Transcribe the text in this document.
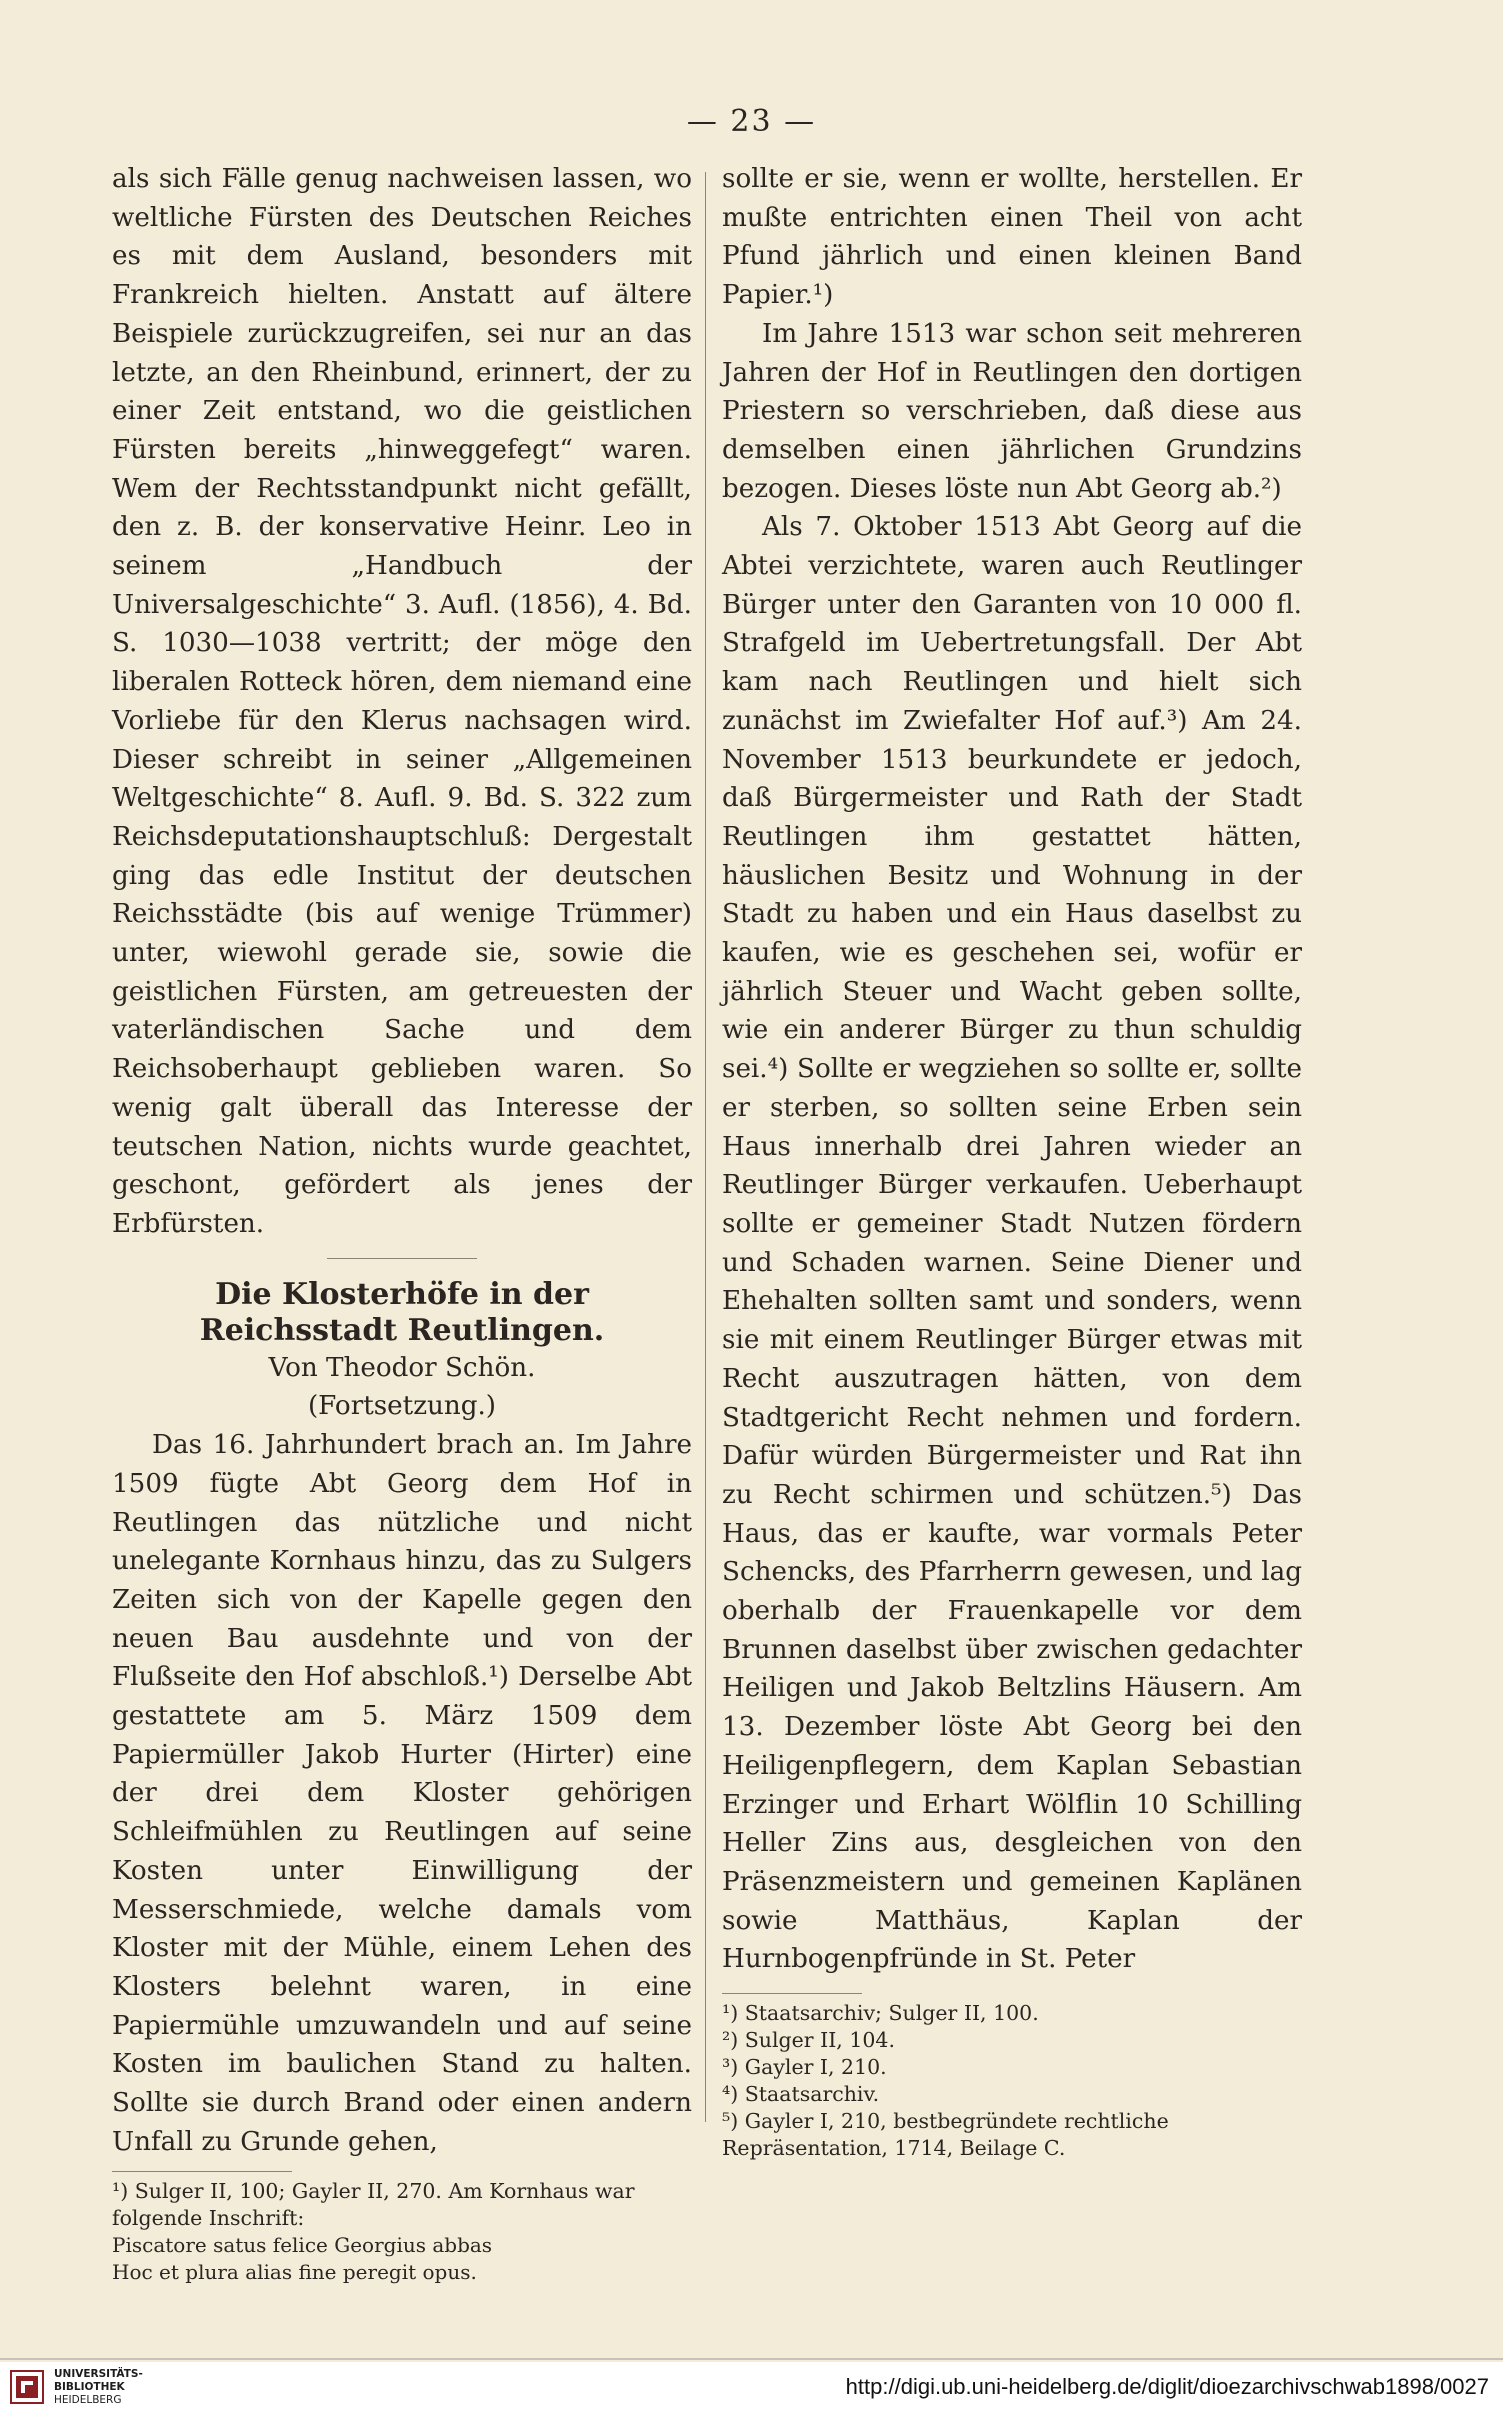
— 23 —

als sich Fälle genug nachweisen lassen, wo weltliche Fürsten des Deutschen Reiches es mit dem Ausland, besonders mit Frankreich hielten. Anstatt auf ältere Beispiele zurückzugreifen, sei nur an das letzte, an den Rheinbund, erinnert, der zu einer Zeit entstand, wo die geistlichen Fürsten bereits „hinweggefegt“ waren. Wem der Rechtsstandpunkt nicht gefällt, den z. B. der konservative Heinr. Leo in seinem „Handbuch der Universalgeschichte“ 3. Aufl. (1856), 4. Bd. S. 1030—1038 vertritt; der möge den liberalen Rotteck hören, dem niemand eine Vorliebe für den Klerus nachsagen wird. Dieser schreibt in seiner „Allgemeinen Weltgeschichte“ 8. Aufl. 9. Bd. S. 322 zum Reichsdeputationshauptschluß: Dergestalt ging das edle Institut der deutschen Reichsstädte (bis auf wenige Trümmer) unter, wiewohl gerade sie, sowie die geistlichen Fürsten, am getreuesten der vaterländischen Sache und dem Reichsoberhaupt geblieben waren. So wenig galt überall das Interesse der teutschen Nation, nichts wurde geachtet, geschont, gefördert als jenes der Erbfürsten.

Die Klosterhöfe in der Reichsstadt Reutlingen.

Von Theodor Schön.

(Fortsetzung.)

Das 16. Jahrhundert brach an. Im Jahre 1509 fügte Abt Georg dem Hof in Reutlingen das nützliche und nicht unelegante Kornhaus hinzu, das zu Sulgers Zeiten sich von der Kapelle gegen den neuen Bau ausdehnte und von der Flußseite den Hof abschloß.¹) Derselbe Abt gestattete am 5. März 1509 dem Papiermüller Jakob Hurter (Hirter) eine der drei dem Kloster gehörigen Schleifmühlen zu Reutlingen auf seine Kosten unter Einwilligung der Messerschmiede, welche damals vom Kloster mit der Mühle, einem Lehen des Klosters belehnt waren, in eine Papiermühle umzuwandeln und auf seine Kosten im baulichen Stand zu halten. Sollte sie durch Brand oder einen andern Unfall zu Grunde gehen,

¹) Sulger II, 100; Gayler II, 270. Am Kornhaus war folgende Inschrift:

Piscatore satus felice Georgius abbas

Hoc et plura alias fine peregit opus.

sollte er sie, wenn er wollte, herstellen. Er mußte entrichten einen Theil von acht Pfund jährlich und einen kleinen Band Papier.¹)

Im Jahre 1513 war schon seit mehreren Jahren der Hof in Reutlingen den dortigen Priestern so verschrieben, daß diese aus demselben einen jährlichen Grundzins bezogen. Dieses löste nun Abt Georg ab.²)

Als 7. Oktober 1513 Abt Georg auf die Abtei verzichtete, waren auch Reutlinger Bürger unter den Garanten von 10 000 fl. Strafgeld im Uebertretungsfall. Der Abt kam nach Reutlingen und hielt sich zunächst im Zwiefalter Hof auf.³) Am 24. November 1513 beurkundete er jedoch, daß Bürgermeister und Rath der Stadt Reutlingen ihm gestattet hätten, häuslichen Besitz und Wohnung in der Stadt zu haben und ein Haus daselbst zu kaufen, wie es geschehen sei, wofür er jährlich Steuer und Wacht geben sollte, wie ein anderer Bürger zu thun schuldig sei.⁴) Sollte er wegziehen so sollte er, sollte er sterben, so sollten seine Erben sein Haus innerhalb drei Jahren wieder an Reutlinger Bürger verkaufen. Ueberhaupt sollte er gemeiner Stadt Nutzen fördern und Schaden warnen. Seine Diener und Ehehalten sollten samt und sonders, wenn sie mit einem Reutlinger Bürger etwas mit Recht auszutragen hätten, von dem Stadtgericht Recht nehmen und fordern. Dafür würden Bürgermeister und Rat ihn zu Recht schirmen und schützen.⁵) Das Haus, das er kaufte, war vormals Peter Schencks, des Pfarrherrn gewesen, und lag oberhalb der Frauenkapelle vor dem Brunnen daselbst über zwischen gedachter Heiligen und Jakob Beltzlins Häusern. Am 13. Dezember löste Abt Georg bei den Heiligenpflegern, dem Kaplan Sebastian Erzinger und Erhart Wölflin 10 Schilling Heller Zins aus, desgleichen von den Präsenzmeistern und gemeinen Kaplänen sowie Matthäus, Kaplan der Hurnbogenpfründe in St. Peter

¹) Staatsarchiv; Sulger II, 100.

²) Sulger II, 104.

³) Gayler I, 210.

⁴) Staatsarchiv.

⁵) Gayler I, 210, bestbegründete rechtliche Repräsentation, 1714, Beilage C.

UNIVERSITÄTS-
BIBLIOTHEK
HEIDELBERG
http://digi.ub.uni-heidelberg.de/diglit/dioezarchivschwab1898/0027
